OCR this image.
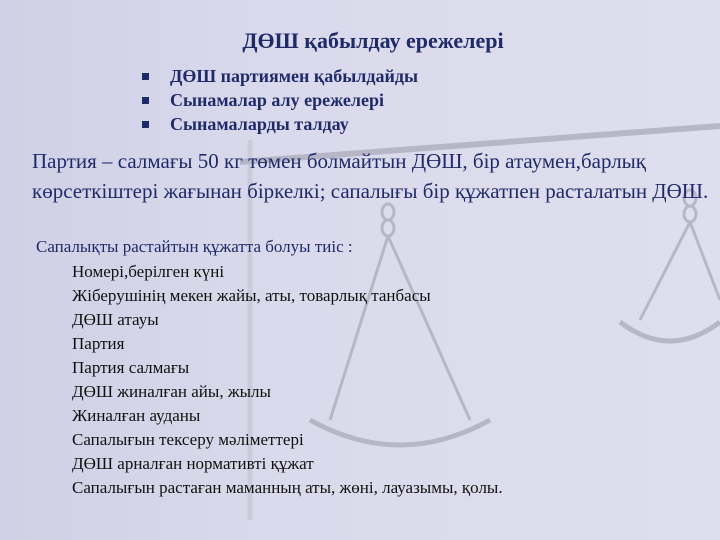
ДӨШ қабылдау ережелері
ДӨШ партиямен қабылдайды
Сынамалар алу ережелері
Сынамаларды талдау
Партия – салмағы 50 кг төмен болмайтын ДӨШ, бір атаумен,барлық көрсеткіштері жағынан біркелкі; сапалығы бір құжатпен расталатын ДӨШ.
Сапалықты растайтын құжатта болуы тиіс :
Номері,берілген күні
Жіберушінің мекен жайы, аты, товарлық танбасы
ДӨШ атауы
Партия
Партия салмағы
ДӨШ жиналған айы, жылы
Жиналған ауданы
Сапалығын тексеру мәліметтері
ДӨШ арналған нормативті құжат
Сапалығын растаған маманның аты, жөні, лауазымы, қолы.
